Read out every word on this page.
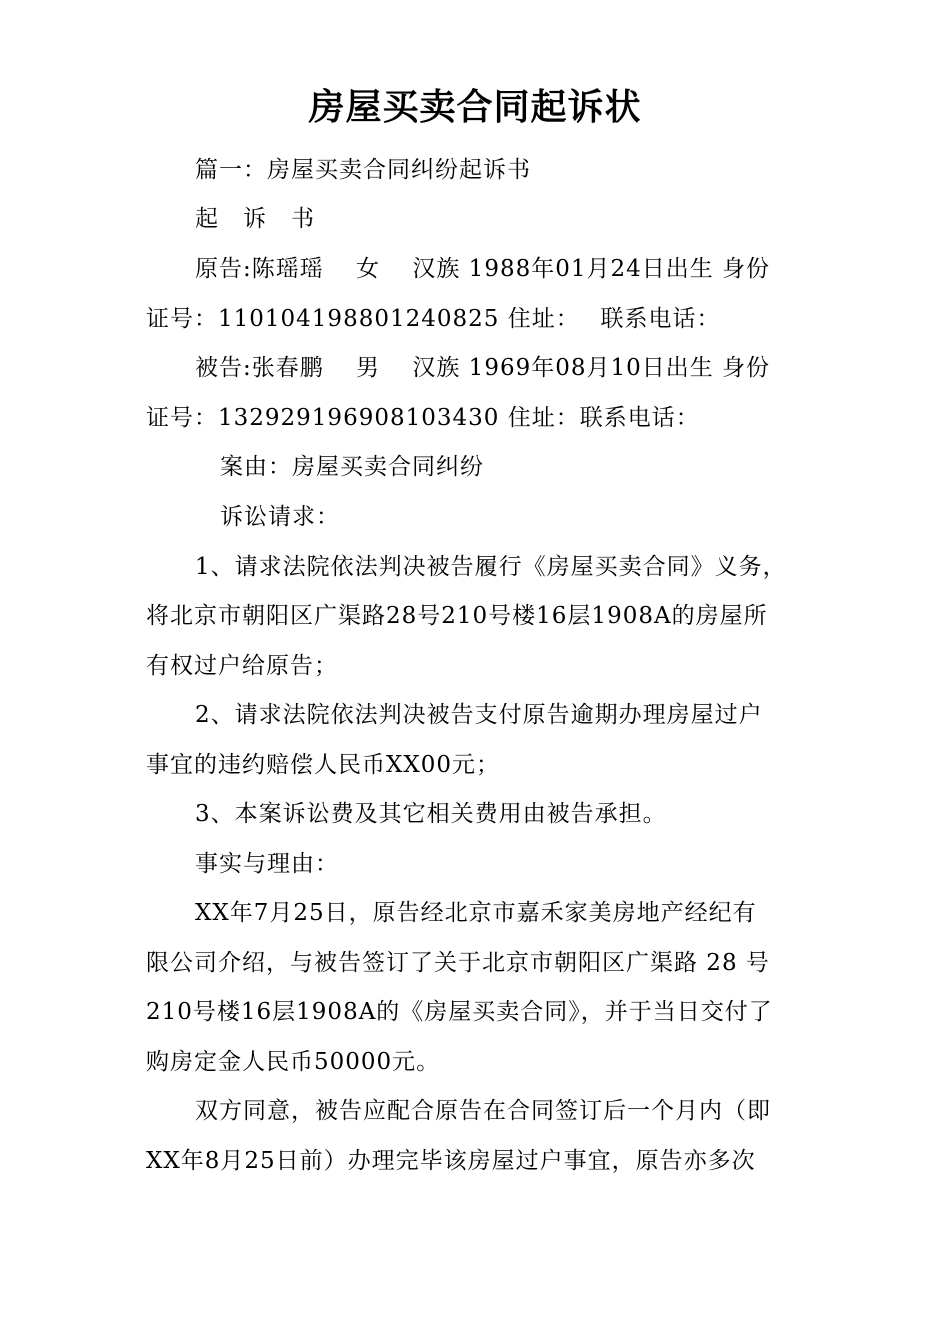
房屋买卖合同起诉状
篇一：房屋买卖合同纠纷起诉书
起　诉　书
原告:陈瑶瑶　 女　 汉族 1988年01月24日出生 身份
证号：110104198801240825 住址：　 联系电话：
被告:张春鹏　 男　 汉族 1969年08月10日出生 身份
证号：132929196908103430 住址：联系电话：
案由：房屋买卖合同纠纷
诉讼请求：
1、请求法院依法判决被告履行《房屋买卖合同》义务，
将北京市朝阳区广渠路28号210号楼16层1908A的房屋所
有权过户给原告；
2、请求法院依法判决被告支付原告逾期办理房屋过户
事宜的违约赔偿人民币XX00元；
3、本案诉讼费及其它相关费用由被告承担。
事实与理由：
XX年7月25日，原告经北京市嘉禾家美房地产经纪有
限公司介绍，与被告签订了关于北京市朝阳区广渠路 28 号
210号楼16层1908A的《房屋买卖合同》，并于当日交付了
购房定金人民币50000元。
双方同意，被告应配合原告在合同签订后一个月内（即
XX年8月25日前）办理完毕该房屋过户事宜，原告亦多次
